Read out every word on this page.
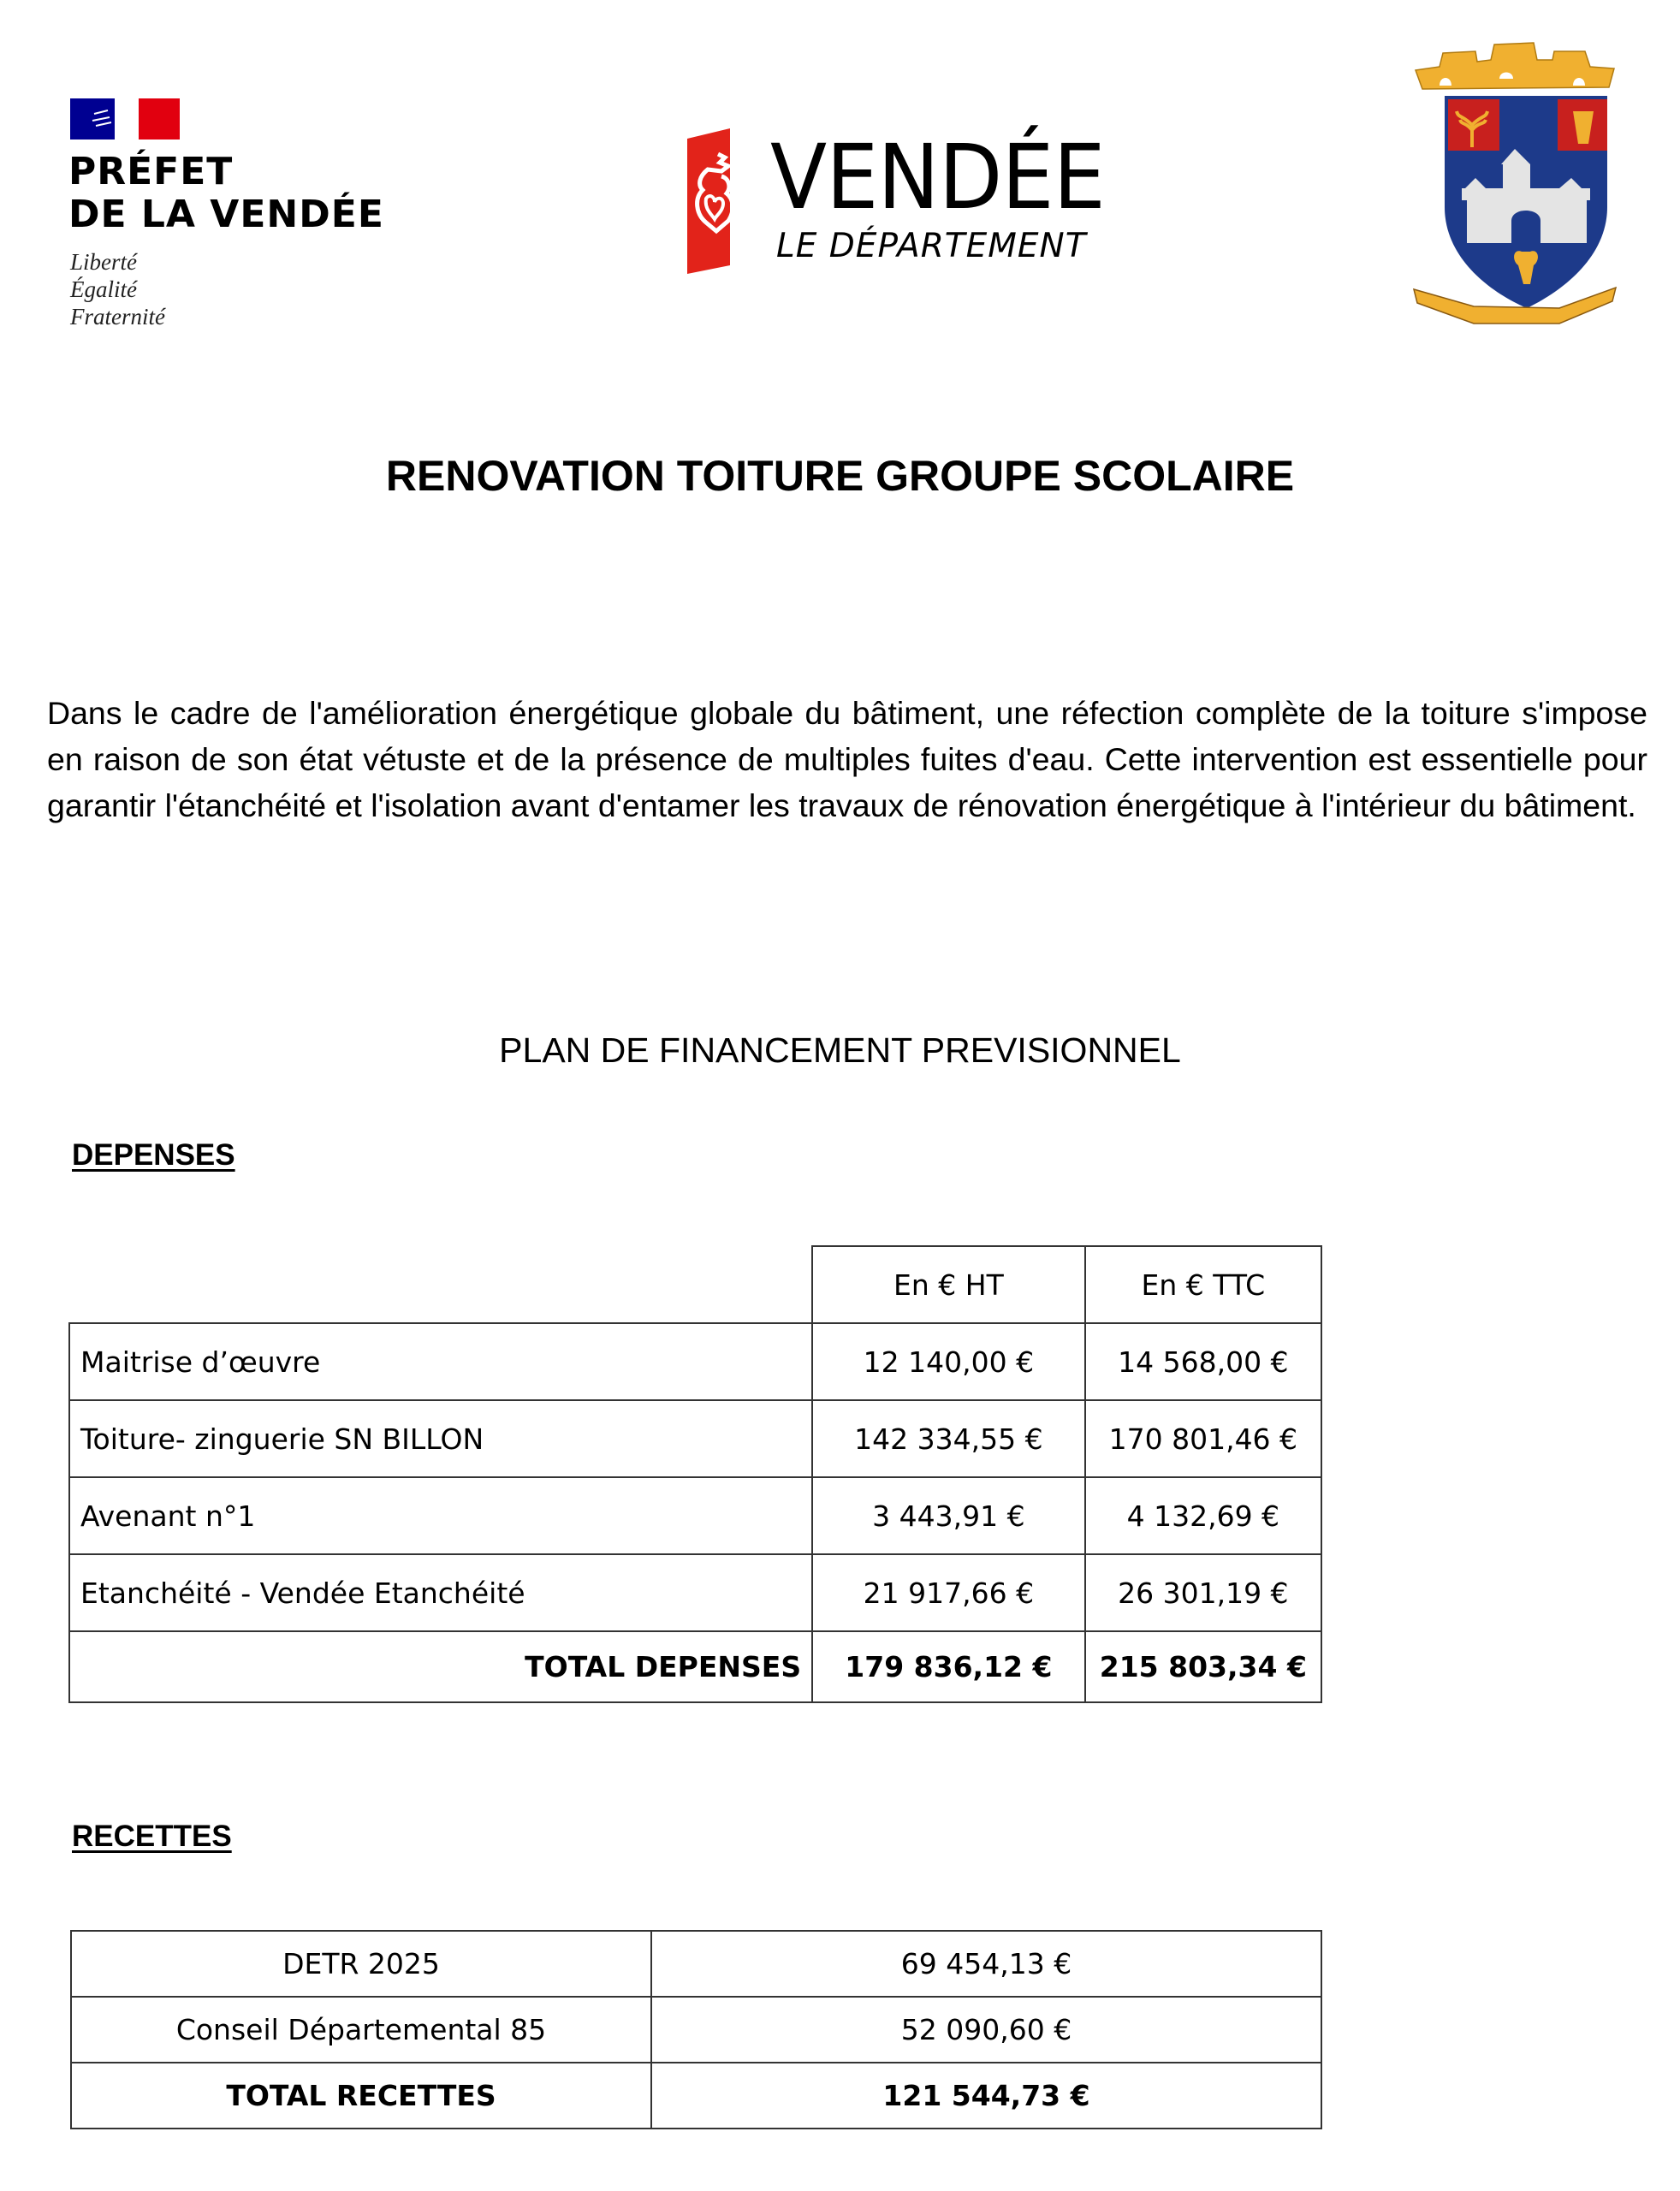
PRÉFET
DE LA VENDÉE
Liberté
Égalité
Fraternité
VENDÉE
LE DÉPARTEMENT
RENOVATION TOITURE GROUPE SCOLAIRE
Dans le cadre de l'amélioration énergétique globale du bâtiment, une réfection complète de la toiture s'impose en raison de son état vétuste et de la présence de multiples fuites d'eau. Cette intervention est essentielle pour garantir l'étanchéité et l'isolation avant d'entamer les travaux de rénovation énergétique à l'intérieur du bâtiment.
PLAN DE FINANCEMENT PREVISIONNEL
DEPENSES
	En € HT	En € TTC
Maitrise d’œuvre	12 140,00 €	14 568,00 €
Toiture- zinguerie SN BILLON	142 334,55 €	170 801,46 €
Avenant n°1	3 443,91 €	4 132,69 €
Etanchéité - Vendée Etanchéité	21 917,66 €	26 301,19 €
TOTAL DEPENSES	179 836,12 €	215 803,34 €
RECETTES
DETR 2025	69 454,13 €
Conseil Départemental 85	52 090,60 €
TOTAL RECETTES	121 544,73 €
